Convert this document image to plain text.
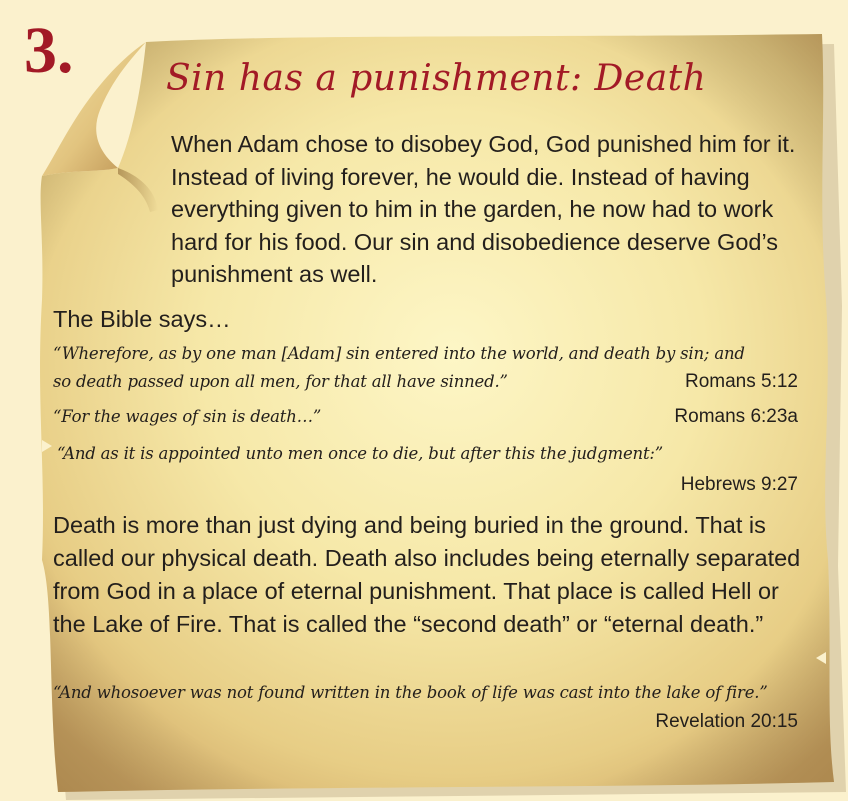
3.	Sin has a punishment: Death

When Adam chose to disobey God, God punished him for it. Instead of living forever, he would die. Instead of having everything given to him in the garden, he now had to work hard for his food. Our sin and disobedience deserve God’s punishment as well.

The Bible says…

“Wherefore, as by one man [Adam] sin entered into the world, and death by sin; and

so death passed upon all men, for that all have sinned.”	Romans 5:12

“For the wages of sin is death…”	Romans 6:23a

“And as it is appointed unto men once to die, but after this the judgment:”

Hebrews 9:27

Death is more than just dying and being buried in the ground. That is called our physical death. Death also includes being eternally separated from God in a place of eternal punishment. That place is called Hell or the Lake of Fire. That is called the “second death” or “eternal death.”

“And whosoever was not found written in the book of life was cast into the lake of fire.”

Revelation 20:15
